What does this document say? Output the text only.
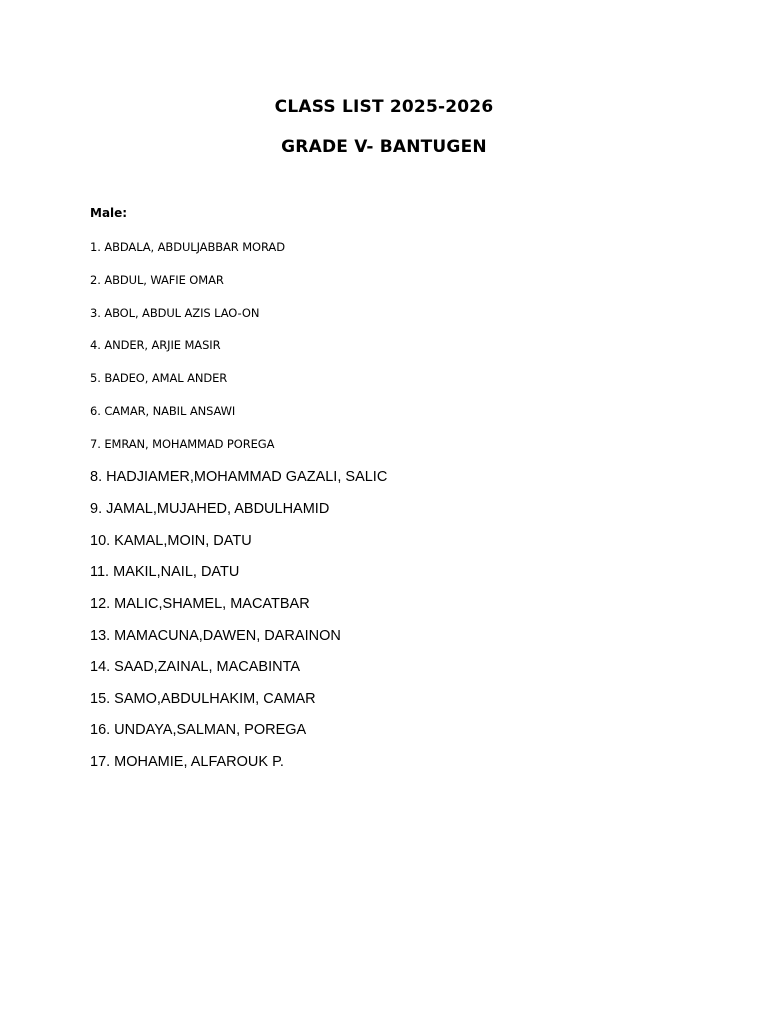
CLASS LIST 2025-2026
GRADE V- BANTUGEN

Male:

1. ABDALA, ABDULJABBAR MORAD
2. ABDUL, WAFIE OMAR
3. ABOL, ABDUL AZIS LAO-ON
4. ANDER, ARJIE MASIR
5. BADEO, AMAL ANDER
6. CAMAR, NABIL ANSAWI
7. EMRAN, MOHAMMAD POREGA
8. HADJIAMER,MOHAMMAD GAZALI, SALIC
9. JAMAL,MUJAHED, ABDULHAMID
10. KAMAL,MOIN, DATU
11. MAKIL,NAIL, DATU
12. MALIC,SHAMEL, MACATBAR
13. MAMACUNA,DAWEN, DARAINON
14. SAAD,ZAINAL, MACABINTA
15. SAMO,ABDULHAKIM, CAMAR
16. UNDAYA,SALMAN, POREGA
17. MOHAMIE, ALFAROUK P.
